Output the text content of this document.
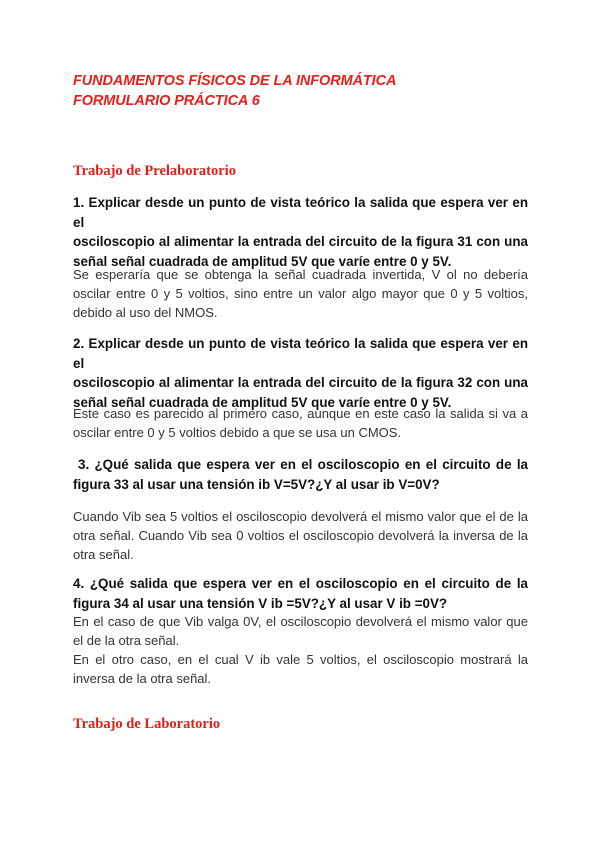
FUNDAMENTOS FÍSICOS DE LA INFORMÁTICA
FORMULARIO PRÁCTICA 6
Trabajo de Prelaboratorio
1. Explicar desde un punto de vista teórico la salida que espera ver en el
osciloscopio al alimentar la entrada del circuito de la figura 31 con una
señal señal cuadrada de amplitud 5V que varíe entre 0 y 5V.
Se esperaría que se obtenga la señal cuadrada invertida, V ol no debería
oscilar entre 0 y 5 voltios, sino entre un valor algo mayor que 0 y 5 voltios,
debido al uso del NMOS.
2. Explicar desde un punto de vista teórico la salida que espera ver en el
osciloscopio al alimentar la entrada del circuito de la figura 32 con una
señal señal cuadrada de amplitud 5V que varíe entre 0 y 5V.
Este caso es parecido al primero caso, aunque en este caso la salida si va a
oscilar entre 0 y 5 voltios debido a que se usa un CMOS.
3. ¿Qué salida que espera ver en el osciloscopio en el circuito de la
figura 33 al usar una tensión ib V=5V?¿Y al usar ib V=0V?
Cuando Vib sea 5 voltios el osciloscopio devolverá el mismo valor que el de la
otra señal. Cuando Vib sea 0 voltios el osciloscopio devolverá la inversa de la
otra señal.
4. ¿Qué salida que espera ver en el osciloscopio en el circuito de la
figura 34 al usar una tensión V ib =5V?¿Y al usar V ib =0V?
En el caso de que Vib valga 0V, el osciloscopio devolverá el mismo valor que
el de la otra señal.
En el otro caso, en el cual V ib vale 5 voltios, el osciloscopio mostrará la
inversa de la otra señal.
Trabajo de Laboratorio
